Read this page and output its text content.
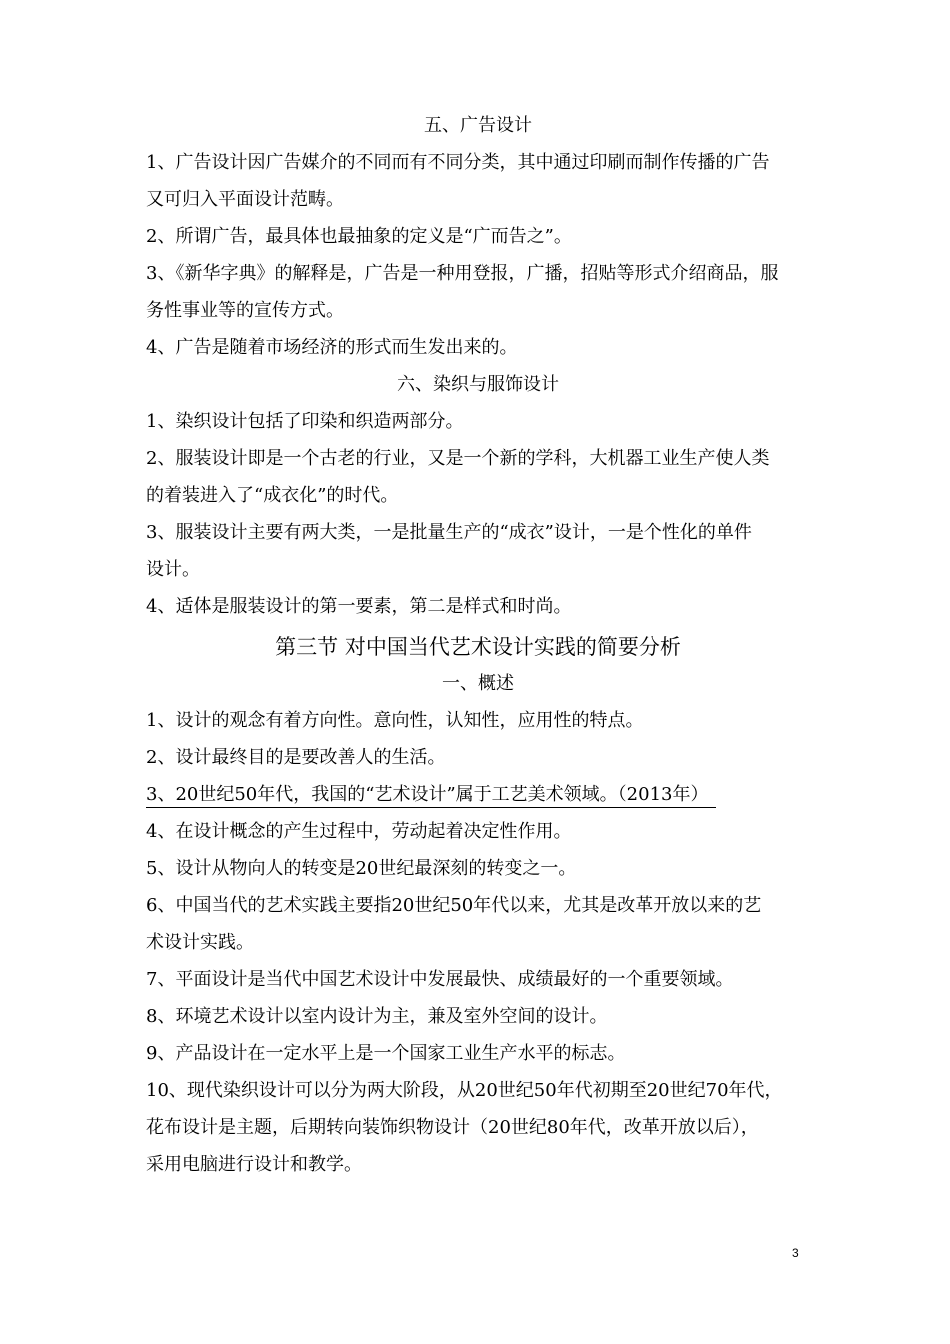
五、广告设计
1、广告设计因广告媒介的不同而有不同分类，其中通过印刷而制作传播的广告
又可归入平面设计范畴。
2、所谓广告，最具体也最抽象的定义是“广而告之”。
3、《新华字典》的解释是，广告是一种用登报，广播，招贴等形式介绍商品，服
务性事业等的宣传方式。
4、广告是随着市场经济的形式而生发出来的。
六、染织与服饰设计
1、染织设计包括了印染和织造两部分。
2、服装设计即是一个古老的行业，又是一个新的学科，大机器工业生产使人类
的着装进入了“成衣化”的时代。
3、服装设计主要有两大类，一是批量生产的“成衣”设计，一是个性化的单件
设计。
4、适体是服装设计的第一要素，第二是样式和时尚。
第三节 对中国当代艺术设计实践的简要分析
一、概述
1、设计的观念有着方向性。意向性，认知性，应用性的特点。
2、设计最终目的是要改善人的生活。
3、20世纪50年代，我国的“艺术设计”属于工艺美术领域。（2013年）
4、在设计概念的产生过程中，劳动起着决定性作用。
5、设计从物向人的转变是20世纪最深刻的转变之一。
6、中国当代的艺术实践主要指20世纪50年代以来，尤其是改革开放以来的艺
术设计实践。
7、平面设计是当代中国艺术设计中发展最快、成绩最好的一个重要领域。
8、环境艺术设计以室内设计为主，兼及室外空间的设计。
9、产品设计在一定水平上是一个国家工业生产水平的标志。
10、现代染织设计可以分为两大阶段，从20世纪50年代初期至20世纪70年代，
花布设计是主题，后期转向装饰织物设计（20世纪80年代，改革开放以后），
采用电脑进行设计和教学。
3
